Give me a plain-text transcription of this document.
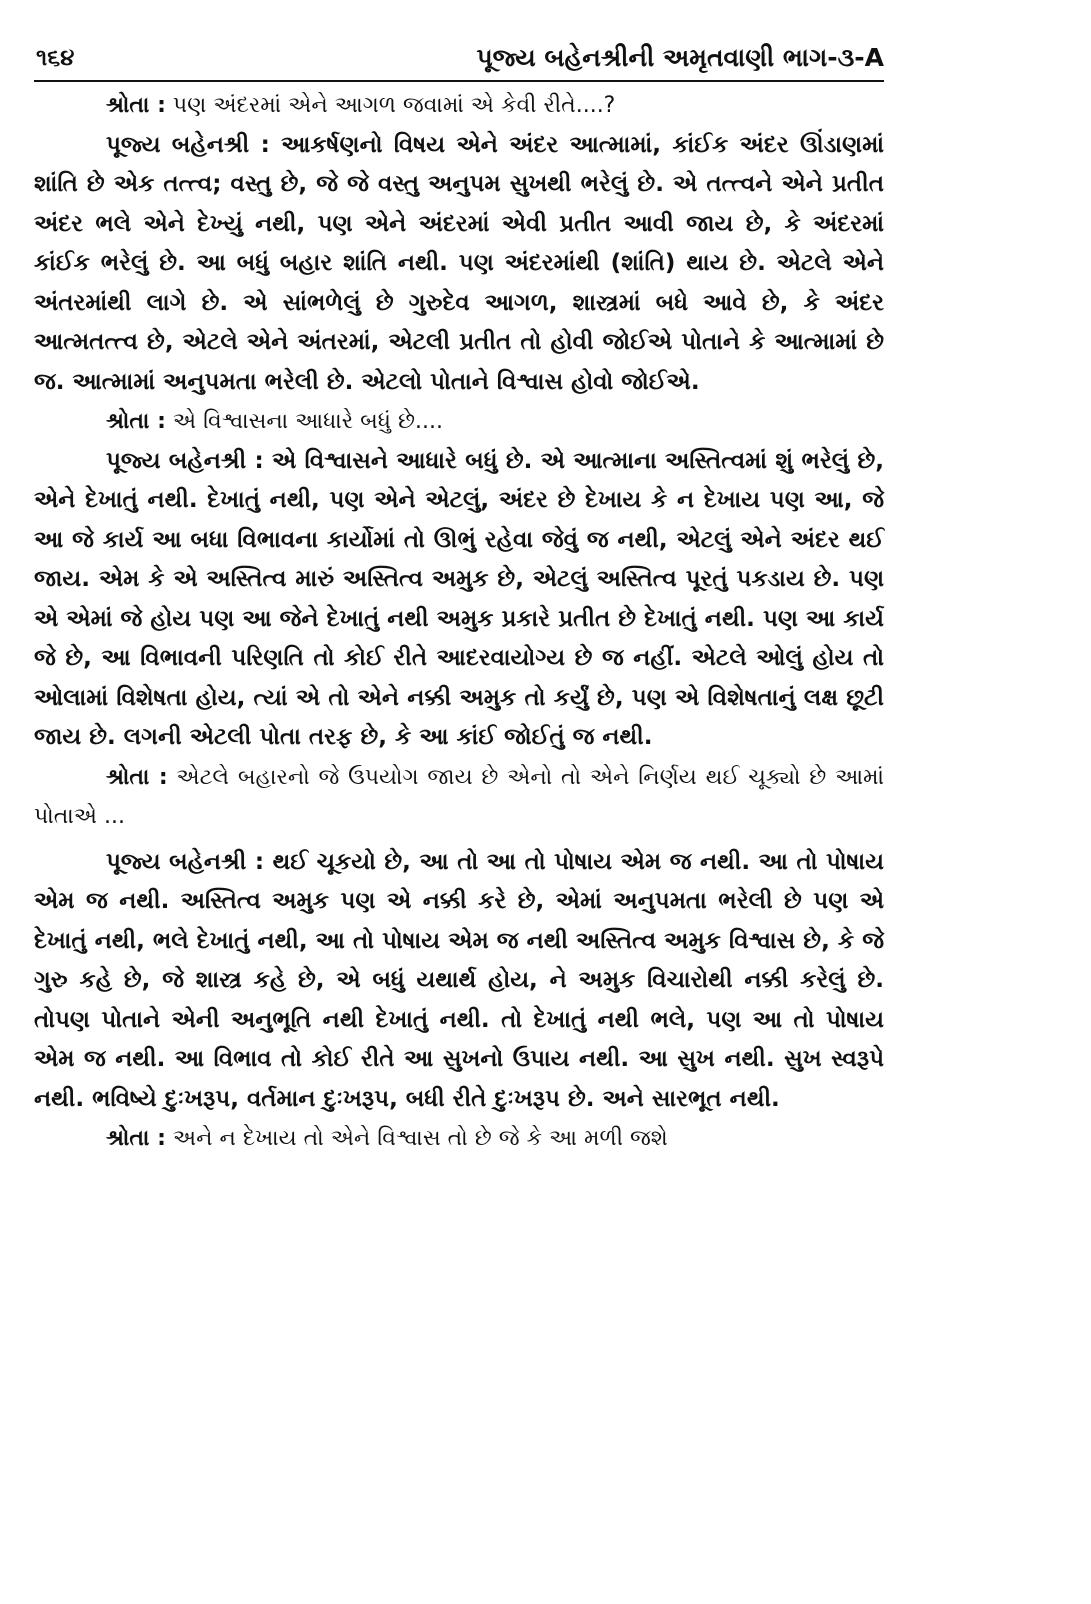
૧૬૪	પૂજ્ય બહેનશ્રીની અમૃતવાણી ભાગ-૩-A

શ્રોતા : પણ અંદરમાં એને આગળ જવામાં એ કેવી રીતે....?

પૂજ્ય બહેનશ્રી : આકર્ષણનો વિષય એને અંદર આત્મામાં, કાંઈક અંદર ઊંડાણમાં શાંતિ છે એક તત્ત્વ; વસ્તુ છે, જે જે વસ્તુ અનુપમ સુખથી ભરેલું છે. એ તત્ત્વને એને પ્રતીત અંદર ભલે એને દેખ્યું નથી, પણ એને અંદરમાં એવી પ્રતીત આવી જાય છે, કે અંદરમાં કાંઈક ભરેલું છે. આ બધું બહાર શાંતિ નથી. પણ અંદરમાંથી (શાંતિ) થાય છે. એટલે એને અંતરમાંથી લાગે છે. એ સાંભળેલું છે ગુરુદેવ આગળ, શાસ્ત્રમાં બધે આવે છે, કે અંદર આત્મતત્ત્વ છે, એટલે એને અંતરમાં, એટલી પ્રતીત તો હોવી જોઈએ પોતાને કે આત્મામાં છે જ. આત્મામાં અનુપમતા ભરેલી છે. એટલો પોતાને વિશ્વાસ હોવો જોઈએ.

શ્રોતા : એ વિશ્વાસના આધારે બધું છે....

પૂજ્ય બહેનશ્રી : એ વિશ્વાસને આધારે બધું છે. એ આત્માના અસ્તિત્વમાં શું ભરેલું છે, એને દેખાતું નથી. દેખાતું નથી, પણ એને એટલું, અંદર છે દેખાય કે ન દેખાય પણ આ, જે આ જે કાર્ય આ બધા વિભાવના કાર્યોમાં તો ઊભું રહેવા જેવું જ નથી, એટલું એને અંદર થઈ જાય. એમ કે એ અસ્તિત્વ મારું અસ્તિત્વ અમુક છે, એટલું અસ્તિત્વ પૂરતું પકડાય છે. પણ એ એમાં જે હોય પણ આ જેને દેખાતું નથી અમુક પ્રકારે પ્રતીત છે દેખાતું નથી. પણ આ કાર્ય જે છે, આ વિભાવની પરિણતિ તો કોઈ રીતે આદરવાયોગ્ય છે જ નહીં. એટલે ઓલું હોય તો ઓલામાં વિશેષતા હોય, ત્યાં એ તો એને નક્કી અમુક તો કર્યું છે, પણ એ વિશેષતાનું લક્ષ છૂટી જાય છે. લગની એટલી પોતા તરફ છે, કે આ કાંઈ જોઈતું જ નથી.

શ્રોતા : એટલે બહારનો જે ઉપયોગ જાય છે એનો તો એને નિર્ણય થઈ ચૂક્યો છે આમાં પોતાએ ...

પૂજ્ય બહેનશ્રી : થઈ ચૂકયો છે, આ તો આ તો પોષાય એમ જ નથી. આ તો પોષાય એમ જ નથી. અસ્તિત્વ અમુક પણ એ નક્કી કરે છે, એમાં અનુપમતા ભરેલી છે પણ એ દેખાતું નથી, ભલે દેખાતું નથી, આ તો પોષાય એમ જ નથી અસ્તિત્વ અમુક વિશ્વાસ છે, કે જે ગુરુ કહે છે, જે શાસ્ત્ર કહે છે, એ બધું યથાર્થ હોય, ને અમુક વિચારોથી નક્કી કરેલું છે. તોપણ પોતાને એની અનુભૂતિ નથી દેખાતું નથી. તો દેખાતું નથી ભલે, પણ આ તો પોષાય એમ જ નથી. આ વિભાવ તો કોઈ રીતે આ સુખનો ઉપાય નથી. આ સુખ નથી. સુખ સ્વરૂપે નથી. ભવિષ્યે દુઃખરૂપ, વર્તમાન દુઃખરૂપ, બધી રીતે દુઃખરૂપ છે. અને સારભૂત નથી.

શ્રોતા : અને ન દેખાય તો એને વિશ્વાસ તો છે જે કે આ મળી જશે
